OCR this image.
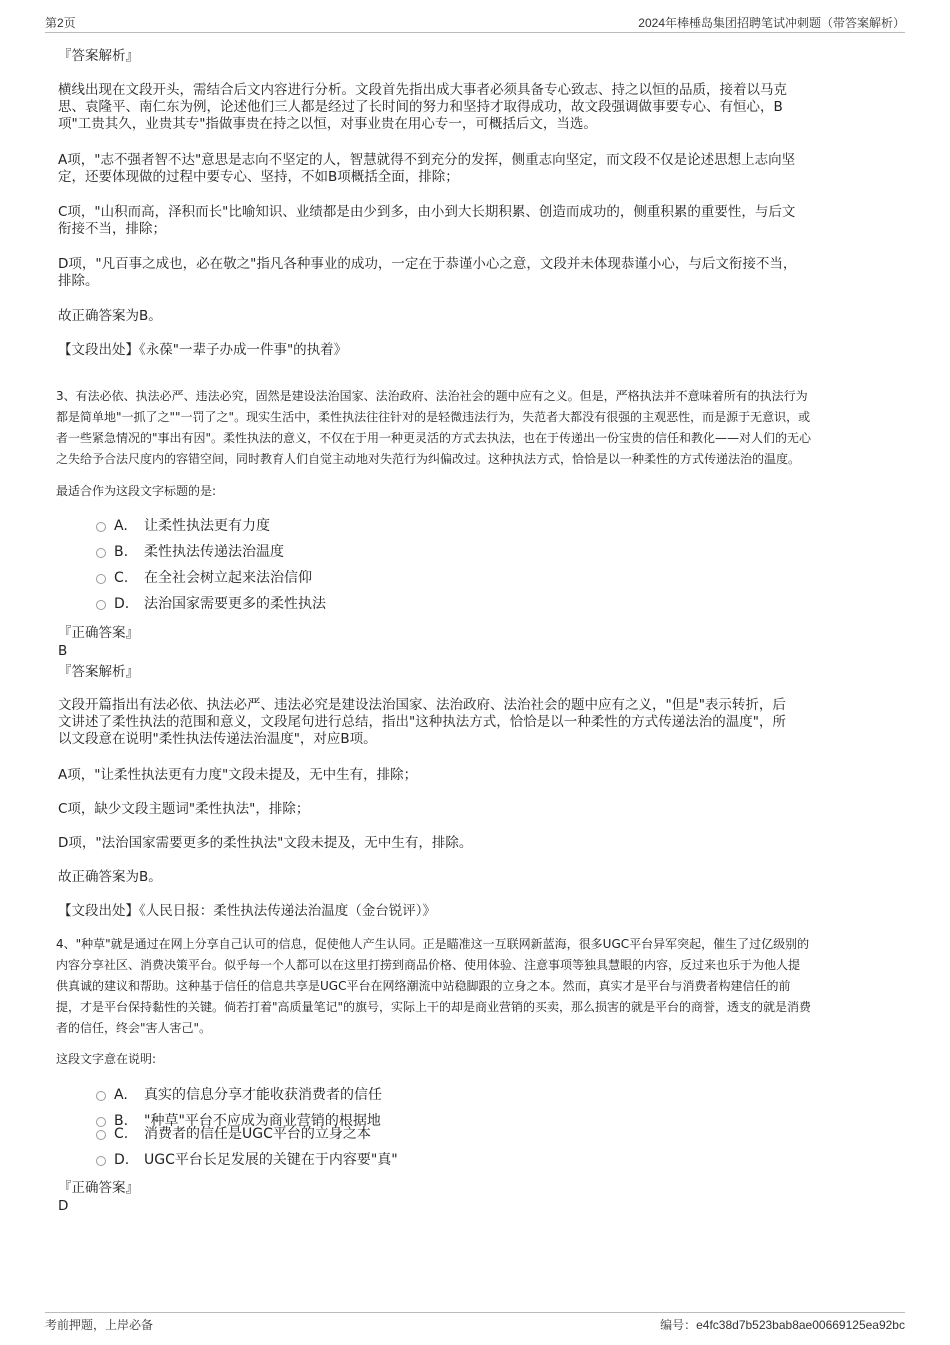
第2页	2024年棒棰岛集团招聘笔试冲刺题（带答案解析）
『答案解析』
横线出现在文段开头，需结合后文内容进行分析。文段首先指出成大事者必须具备专心致志、持之以恒的品质，接着以马克
思、袁隆平、南仁东为例，论述他们三人都是经过了长时间的努力和坚持才取得成功，故文段强调做事要专心、有恒心，B
项"工贵其久，业贵其专"指做事贵在持之以恒，对事业贵在用心专一，可概括后文，当选。
A项，"志不强者智不达"意思是志向不坚定的人，智慧就得不到充分的发挥，侧重志向坚定，而文段不仅是论述思想上志向坚
定，还要体现做的过程中要专心、坚持，不如B项概括全面，排除；
C项，"山积而高，泽积而长"比喻知识、业绩都是由少到多，由小到大长期积累、创造而成功的，侧重积累的重要性，与后文
衔接不当，排除；
D项，"凡百事之成也，必在敬之"指凡各种事业的成功，一定在于恭谨小心之意，文段并未体现恭谨小心，与后文衔接不当，
排除。
故正确答案为B。
【文段出处】《永葆"一辈子办成一件事"的执着》
3、有法必依、执法必严、违法必究，固然是建设法治国家、法治政府、法治社会的题中应有之义。但是，严格执法并不意味着所有的执法行为
都是简单地"一抓了之""一罚了之"。现实生活中，柔性执法往往针对的是轻微违法行为，失范者大都没有很强的主观恶性，而是源于无意识，或
者一些紧急情况的"事出有因"。柔性执法的意义，不仅在于用一种更灵活的方式去执法，也在于传递出一份宝贵的信任和教化——对人们的无心
之失给予合法尺度内的容错空间，同时教育人们自觉主动地对失范行为纠偏改过。这种执法方式，恰恰是以一种柔性的方式传递法治的温度。
最适合作为这段文字标题的是:
A. 让柔性执法更有力度
B. 柔性执法传递法治温度
C. 在全社会树立起来法治信仰
D. 法治国家需要更多的柔性执法
『正确答案』
B
『答案解析』
文段开篇指出有法必依、执法必严、违法必究是建设法治国家、法治政府、法治社会的题中应有之义，"但是"表示转折，后
文讲述了柔性执法的范围和意义，文段尾句进行总结，指出"这种执法方式，恰恰是以一种柔性的方式传递法治的温度"，所
以文段意在说明"柔性执法传递法治温度"，对应B项。
A项，"让柔性执法更有力度"文段未提及，无中生有，排除；
C项，缺少文段主题词"柔性执法"，排除；
D项，"法治国家需要更多的柔性执法"文段未提及，无中生有，排除。
故正确答案为B。
【文段出处】《人民日报：柔性执法传递法治温度（金台锐评）》
4、"种草"就是通过在网上分享自己认可的信息，促使他人产生认同。正是瞄准这一互联网新蓝海，很多UGC平台异军突起，催生了过亿级别的
内容分享社区、消费决策平台。似乎每一个人都可以在这里打捞到商品价格、使用体验、注意事项等独具慧眼的内容，反过来也乐于为他人提
供真诚的建议和帮助。这种基于信任的信息共享是UGC平台在网络潮流中站稳脚跟的立身之本。然而，真实才是平台与消费者构建信任的前
提，才是平台保持黏性的关键。倘若打着"高质量笔记"的旗号，实际上干的却是商业营销的买卖，那么损害的就是平台的商誉，透支的就是消费
者的信任，终会"害人害己"。
这段文字意在说明:
A. 真实的信息分享才能收获消费者的信任
B. "种草"平台不应成为商业营销的根据地
C. 消费者的信任是UGC平台的立身之本
D. UGC平台长足发展的关键在于内容要"真"
『正确答案』
D
考前押题，上岸必备	编号：e4fc38d7b523bab8ae00669125ea92bc
